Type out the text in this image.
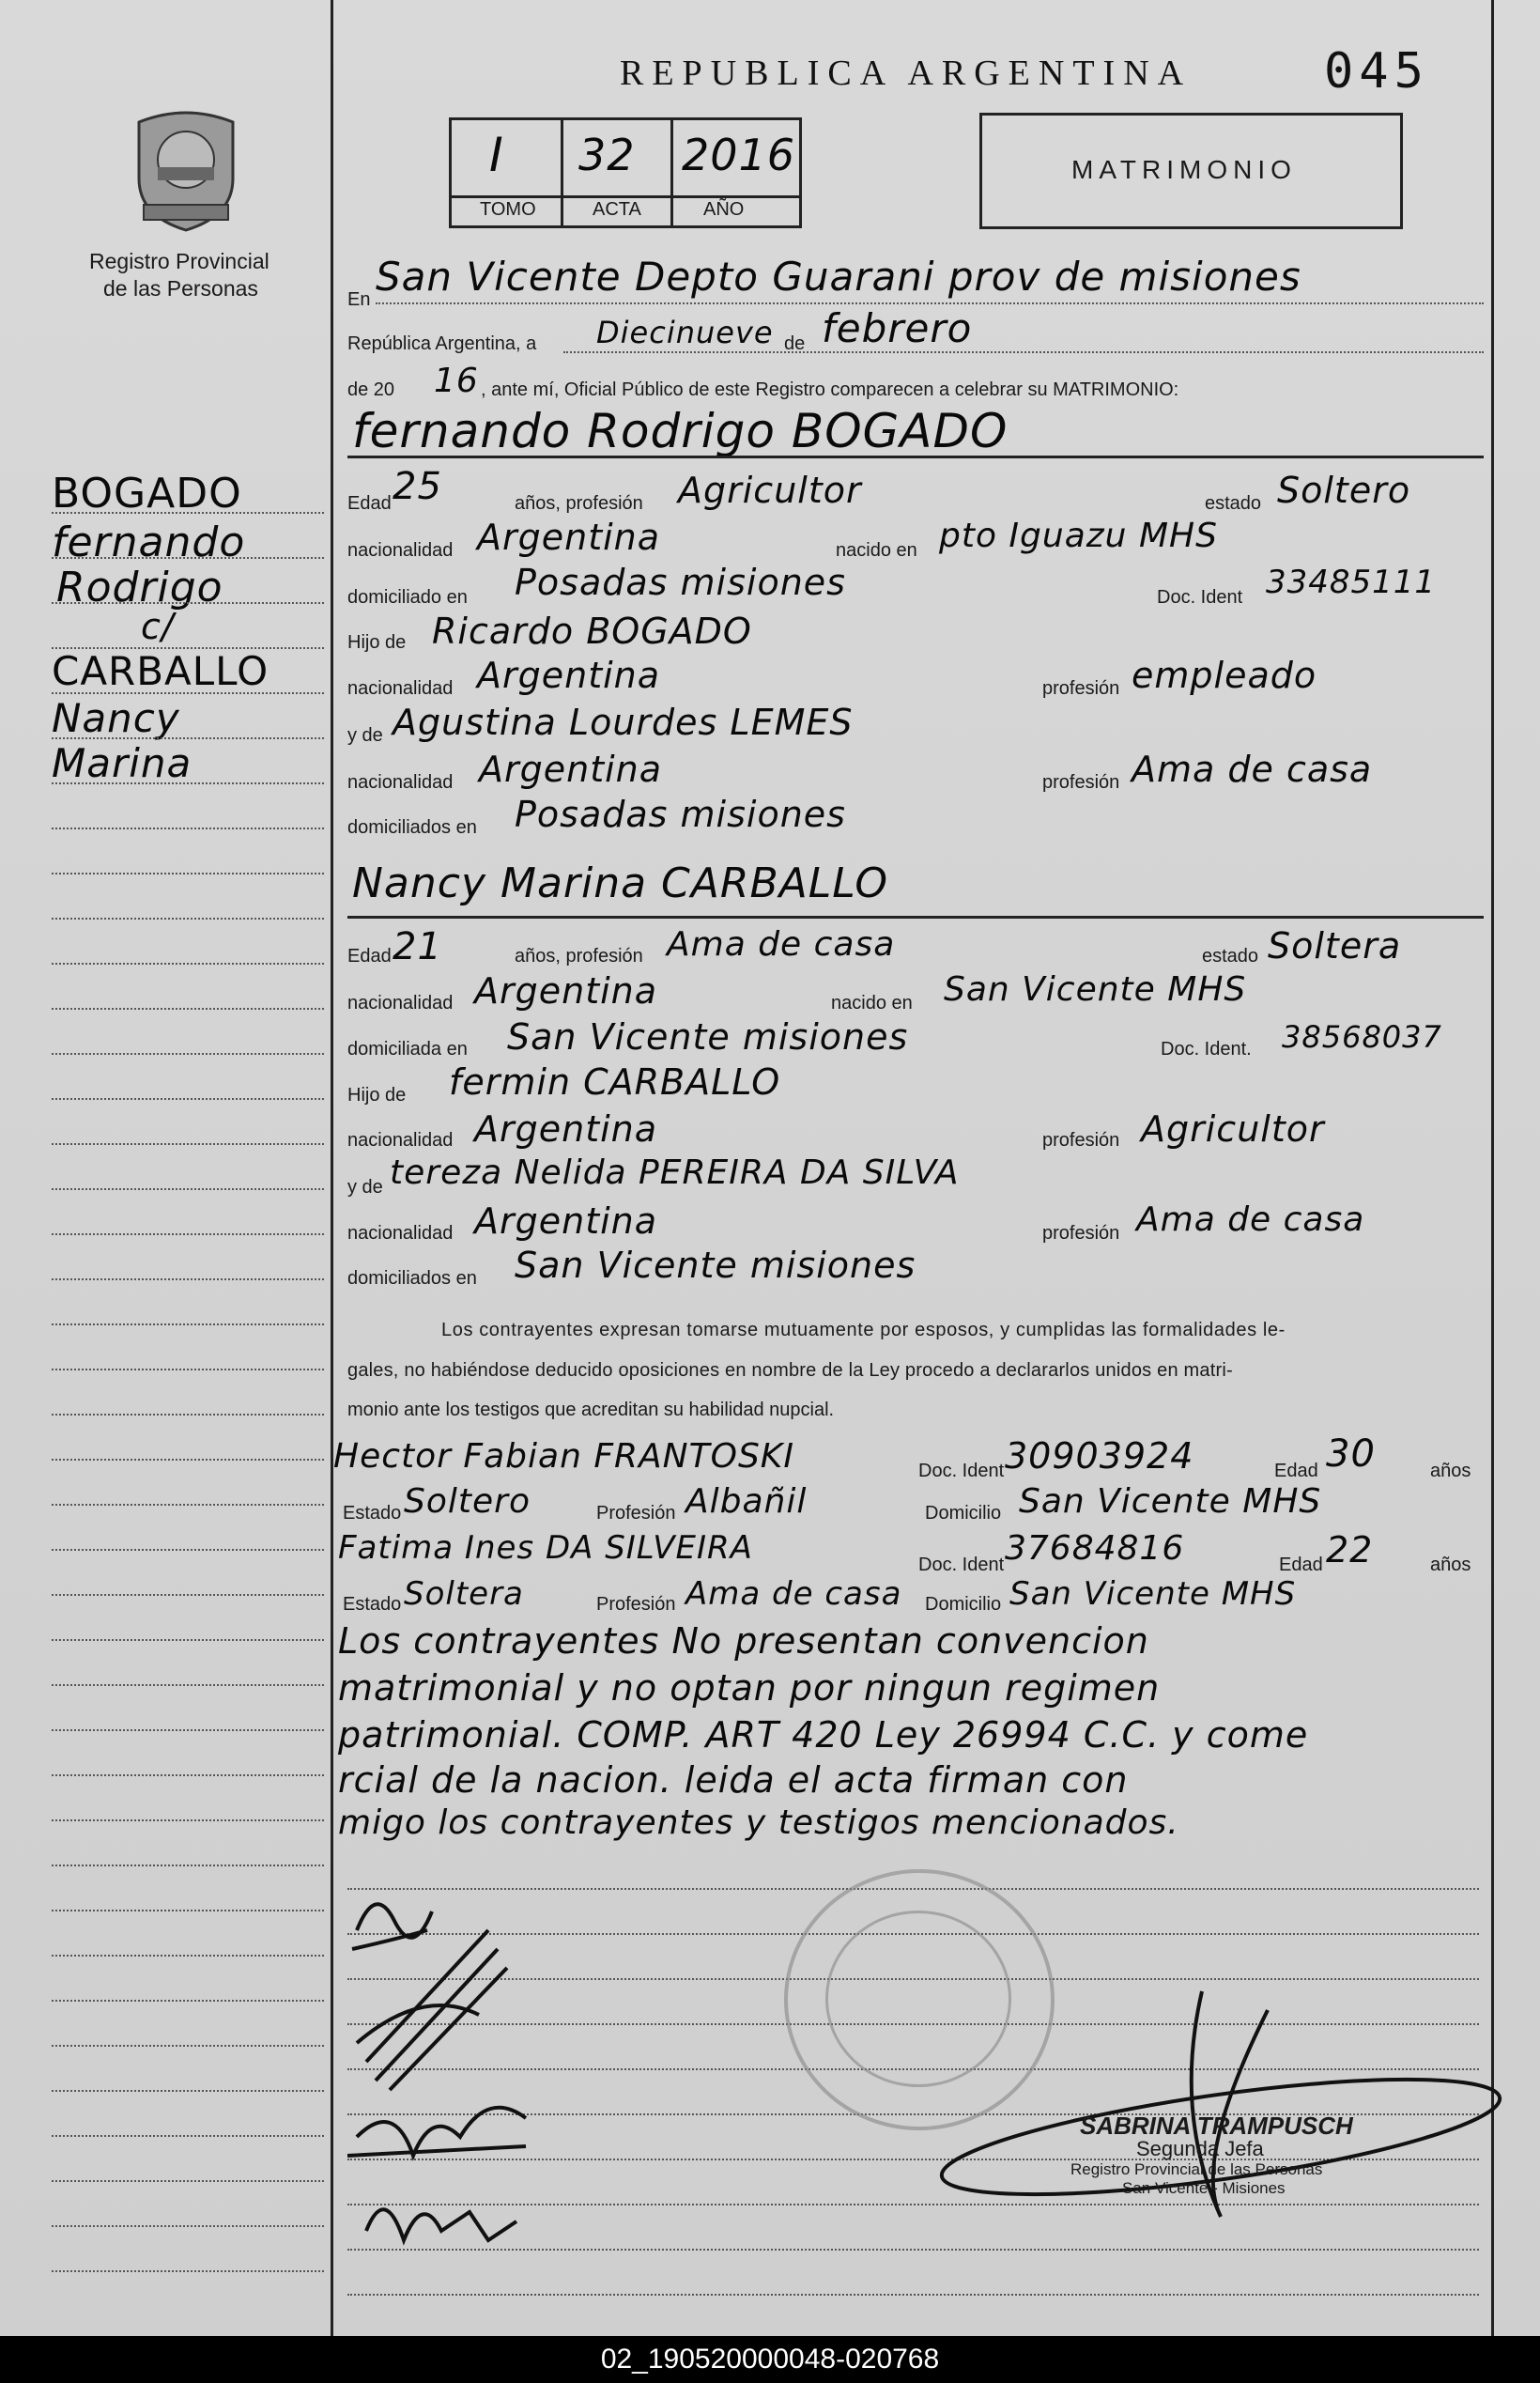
Registro Provincial
de las Personas
REPUBLICA ARGENTINA	045
I 32 2016
TOMO	ACTA	AÑO
MATRIMONIO
BOGADO
fernando
Rodrigo
c/
CARBALLO
Nancy
Marina
En San Vicente Depto Guarani prov de misiones
República Argentina, a Diecinueve de febrero
de 20 16 , ante mí, Oficial Público de este Registro comparecen a celebrar su MATRIMONIO:
fernando Rodrigo BOGADO
Edad 25	años, profesión Agricultor	estado Soltero
nacionalidad Argentina	nacido en pto Iguazu MHS
domiciliado en Posadas misiones	Doc. Ident 33485111
Hijo de Ricardo BOGADO
nacionalidad Argentina	profesión empleado
y de Agustina Lourdes LEMES
nacionalidad Argentina	profesión Ama de casa
domiciliados en Posadas misiones
Nancy Marina CARBALLO
Edad 21	años, profesión Ama de casa	estado Soltera
nacionalidad Argentina	nacido en San Vicente MHS
domiciliada en San Vicente misiones	Doc. Ident. 38568037
Hijo de fermin CARBALLO
nacionalidad Argentina	profesión Agricultor
y de tereza Nelida PEREIRA DA SILVA
nacionalidad Argentina	profesión Ama de casa
domiciliados en San Vicente misiones
Los contrayentes expresan tomarse mutuamente por esposos, y cumplidas las formalidades le-
gales, no habiéndose deducido oposiciones en nombre de la Ley procedo a declararlos unidos en matri-
monio ante los testigos que acreditan su habilidad nupcial.
Hector Fabian FRANTOSKI	Doc. Ident 30903924	Edad 30	años
Estado Soltero	Profesión Albañil	Domicilio San Vicente MHS
Fatima Ines DA SILVEIRA	Doc. Ident 37684816	Edad 22	años
Estado Soltera	Profesión Ama de casa Domicilio San Vicente MHS
Los contrayentes No presentan convencion
matrimonial y no optan por ningun regimen
patrimonial. COMP. ART 420 Ley 26994 C.C. y come
rcial de la nacion. leida el acta firman con
migo los contrayentes y testigos mencionados.
SABRINA TRAMPUSCH
Segunda Jefa
Registro Provincial de las Personas
San Vicente - Misiones
02_190520000048-020768
